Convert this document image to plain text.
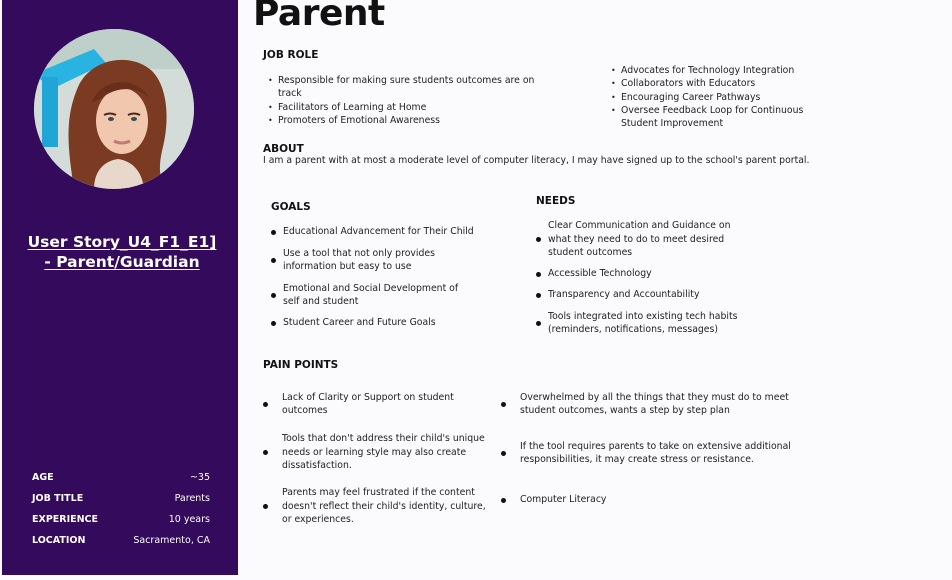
User Story_U4_F1_E1] - Parent/Guardian
AGE	~35
JOB TITLE	Parents
EXPERIENCE	10 years
LOCATION	Sacramento, CA
Parent
JOB ROLE
• Responsible for making sure students outcomes are on track
• Facilitators of Learning at Home
• Promoters of Emotional Awareness
• Advocates for Technology Integration
• Collaborators with Educators
• Encouraging Career Pathways
• Oversee Feedback Loop for Continuous Student Improvement
ABOUT
I am a parent with at most a moderate level of computer literacy, I may have signed up to the school's parent portal.
GOALS
Educational Advancement for Their Child
Use a tool that not only provides information but easy to use
Emotional and Social Development of self and student
Student Career and Future Goals
NEEDS
Clear Communication and Guidance on what they need to do to meet desired student outcomes
Accessible Technology
Transparency and Accountability
Tools integrated into existing tech habits (reminders, notifications, messages)
PAIN POINTS
Lack of Clarity or Support on student outcomes
Tools that don't address their child's unique needs or learning style may also create dissatisfaction.
Parents may feel frustrated if the content doesn't reflect their child's identity, culture, or experiences.
Overwhelmed by all the things that they must do to meet student outcomes, wants a step by step plan
If the tool requires parents to take on extensive additional responsibilities, it may create stress or resistance.
Computer Literacy
